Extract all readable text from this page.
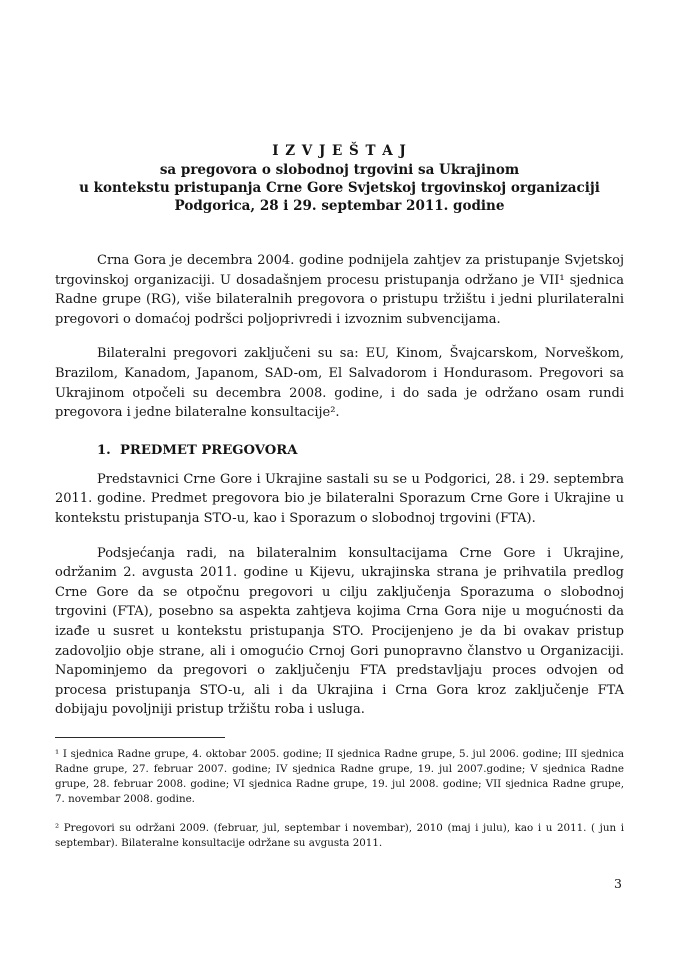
I Z V J E Š T A J
sa pregovora o slobodnoj trgovini sa Ukrajinom
u kontekstu pristupanja Crne Gore Svjetskoj trgovinskoj organizaciji
Podgorica, 28 i 29. septembar 2011. godine

Crna Gora je decembra 2004. godine podnijela zahtjev za pristupanje Svjetskoj trgovinskoj organizaciji. U dosadašnjem procesu pristupanja održano je VII¹ sjednica Radne grupe (RG), više bilateralnih pregovora o pristupu tržištu i jedni plurilateralni pregovori o domaćoj podršci poljoprivredi i izvoznim subvencijama.

Bilateralni pregovori zaključeni su sa: EU, Kinom, Švajcarskom, Norveškom, Brazilom, Kanadom, Japanom, SAD-om, El Salvadorom i Hondurasom. Pregovori sa Ukrajinom otpočeli su decembra 2008. godine, i do sada je održano osam rundi pregovora i jedne bilateralne konsultacije².

1.  PREDMET PREGOVORA

Predstavnici Crne Gore i Ukrajine sastali su se u Podgorici, 28. i 29. septembra 2011. godine. Predmet pregovora bio je bilateralni Sporazum Crne Gore i Ukrajine u kontekstu pristupanja STO-u, kao i Sporazum o slobodnoj trgovini (FTA).

Podsjećanja radi, na bilateralnim konsultacijama Crne Gore i Ukrajine, održanim 2. avgusta 2011. godine u Kijevu, ukrajinska strana je prihvatila predlog Crne Gore da se otpočnu pregovori u cilju zaključenja Sporazuma o slobodnoj trgovini (FTA), posebno sa aspekta zahtjeva kojima Crna Gora nije u mogućnosti da izađe u susret u kontekstu pristupanja STO. Procijenjeno je da bi ovakav pristup zadovoljio obje strane, ali i omogućio Crnoj Gori punopravno članstvo u Organizaciji. Napominjemo da pregovori o zaključenju FTA predstavljaju proces odvojen od procesa pristupanja STO-u, ali i da Ukrajina i Crna Gora kroz zaključenje FTA dobijaju povoljniji pristup tržištu roba i usluga.

¹ I sjednica Radne grupe, 4. oktobar 2005. godine; II sjednica Radne grupe, 5. jul 2006. godine; III sjednica Radne grupe, 27. februar 2007. godine; IV sjednica Radne grupe, 19. jul 2007.godine; V sjednica Radne grupe, 28. februar 2008. godine; VI sjednica Radne grupe, 19. jul 2008. godine; VII sjednica Radne grupe, 7. novembar 2008. godine.

² Pregovori su održani 2009. (februar, jul, septembar i novembar), 2010 (maj i julu), kao i u 2011. ( jun i septembar). Bilateralne konsultacije održane su avgusta 2011.

3
